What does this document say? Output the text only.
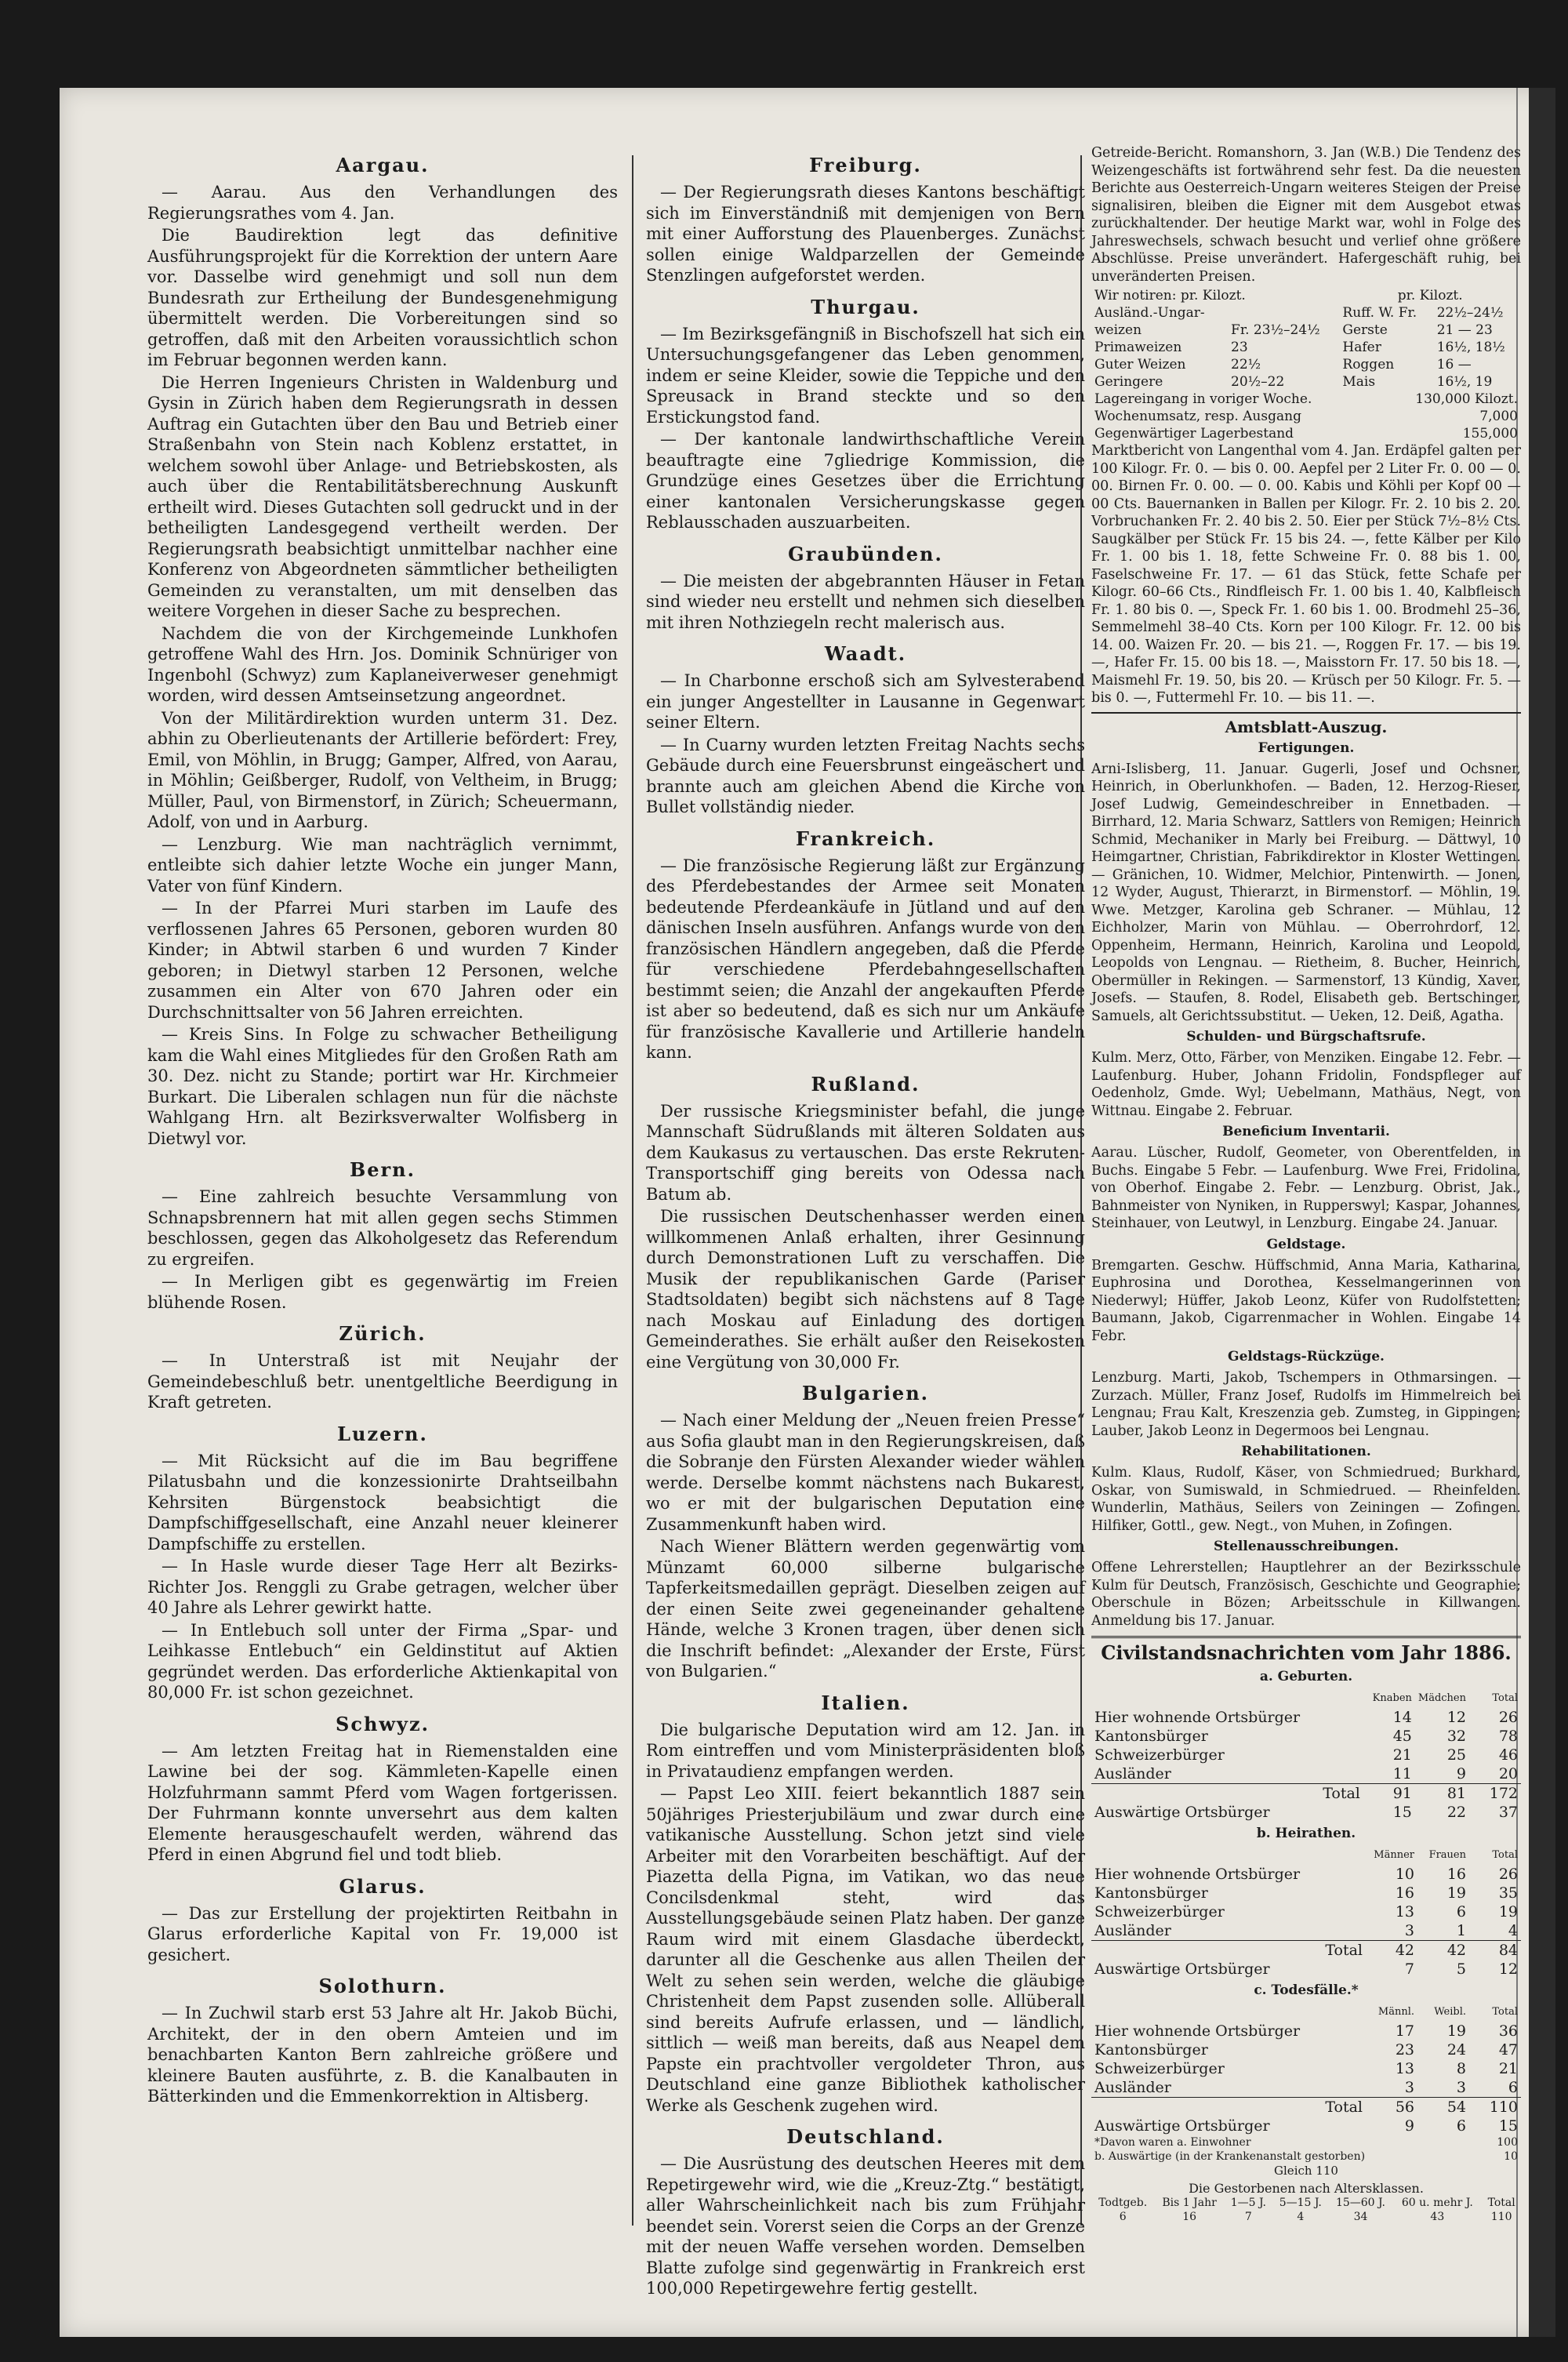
Aargau.

— Aarau. Aus den Verhandlungen des Regierungsrathes vom 4. Jan.

Die Baudirektion legt das definitive Ausführungsprojekt für die Korrektion der untern Aare vor. Dasselbe wird genehmigt und soll nun dem Bundesrath zur Ertheilung der Bundesgenehmigung übermittelt werden. Die Vorbereitungen sind so getroffen, daß mit den Arbeiten voraussichtlich schon im Februar begonnen werden kann.

Die Herren Ingenieurs Christen in Waldenburg und Gysin in Zürich haben dem Regierungsrath in dessen Auftrag ein Gutachten über den Bau und Betrieb einer Straßenbahn von Stein nach Koblenz erstattet, in welchem sowohl über Anlage- und Betriebskosten, als auch über die Rentabilitätsberechnung Auskunft ertheilt wird. Dieses Gutachten soll gedruckt und in der betheiligten Landesgegend vertheilt werden. Der Regierungsrath beabsichtigt unmittelbar nachher eine Konferenz von Abgeordneten sämmtlicher betheiligten Gemeinden zu veranstalten, um mit denselben das weitere Vorgehen in dieser Sache zu besprechen.

Nachdem die von der Kirchgemeinde Lunkhofen getroffene Wahl des Hrn. Jos. Dominik Schnüriger von Ingenbohl (Schwyz) zum Kaplaneiverweser genehmigt worden, wird dessen Amtseinsetzung angeordnet.

Von der Militärdirektion wurden unterm 31. Dez. abhin zu Oberlieutenants der Artillerie befördert: Frey, Emil, von Möhlin, in Brugg; Gamper, Alfred, von Aarau, in Möhlin; Geißberger, Rudolf, von Veltheim, in Brugg; Müller, Paul, von Birmenstorf, in Zürich; Scheuermann, Adolf, von und in Aarburg.

— Lenzburg. Wie man nachträglich vernimmt, entleibte sich dahier letzte Woche ein junger Mann, Vater von fünf Kindern.

— In der Pfarrei Muri starben im Laufe des verflossenen Jahres 65 Personen, geboren wurden 80 Kinder; in Abtwil starben 6 und wurden 7 Kinder geboren; in Dietwyl starben 12 Personen, welche zusammen ein Alter von 670 Jahren oder ein Durchschnittsalter von 56 Jahren erreichten.

— Kreis Sins. In Folge zu schwacher Betheiligung kam die Wahl eines Mitgliedes für den Großen Rath am 30. Dez. nicht zu Stande; portirt war Hr. Kirchmeier Burkart. Die Liberalen schlagen nun für die nächste Wahlgang Hrn. alt Bezirksverwalter Wolfisberg in Dietwyl vor.

Bern.

— Eine zahlreich besuchte Versammlung von Schnapsbrennern hat mit allen gegen sechs Stimmen beschlossen, gegen das Alkoholgesetz das Referendum zu ergreifen.

— In Merligen gibt es gegenwärtig im Freien blühende Rosen.

Zürich.

— In Unterstraß ist mit Neujahr der Gemeindebeschluß betr. unentgeltliche Beerdigung in Kraft getreten.

Luzern.

— Mit Rücksicht auf die im Bau begriffene Pilatusbahn und die konzessionirte Drahtseilbahn Kehrsiten Bürgenstock beabsichtigt die Dampfschiffgesellschaft, eine Anzahl neuer kleinerer Dampfschiffe zu erstellen.

— In Hasle wurde dieser Tage Herr alt Bezirks-Richter Jos. Renggli zu Grabe getragen, welcher über 40 Jahre als Lehrer gewirkt hatte.

— In Entlebuch soll unter der Firma „Spar- und Leihkasse Entlebuch“ ein Geldinstitut auf Aktien gegründet werden. Das erforderliche Aktienkapital von 80,000 Fr. ist schon gezeichnet.

Schwyz.

— Am letzten Freitag hat in Riemenstalden eine Lawine bei der sog. Kämmleten-Kapelle einen Holzfuhrmann sammt Pferd vom Wagen fortgerissen. Der Fuhrmann konnte unversehrt aus dem kalten Elemente herausgeschaufelt werden, während das Pferd in einen Abgrund fiel und todt blieb.

Glarus.

— Das zur Erstellung der projektirten Reitbahn in Glarus erforderliche Kapital von Fr. 19,000 ist gesichert.

Solothurn.

— In Zuchwil starb erst 53 Jahre alt Hr. Jakob Büchi, Architekt, der in den obern Amteien und im benachbarten Kanton Bern zahlreiche größere und kleinere Bauten ausführte, z. B. die Kanalbauten in Bätterkinden und die Emmenkorrektion in Altisberg.

Freiburg.

— Der Regierungsrath dieses Kantons beschäftigt sich im Einverständniß mit demjenigen von Bern mit einer Aufforstung des Plauenberges. Zunächst sollen einige Waldparzellen der Gemeinde Stenzlingen aufgeforstet werden.

Thurgau.

— Im Bezirksgefängniß in Bischofszell hat sich ein Untersuchungsgefangener das Leben genommen, indem er seine Kleider, sowie die Teppiche und den Spreusack in Brand steckte und so den Erstickungstod fand.

— Der kantonale landwirthschaftliche Verein beauftragte eine 7gliedrige Kommission, die Grundzüge eines Gesetzes über die Errichtung einer kantonalen Versicherungskasse gegen Reblausschaden auszuarbeiten.

Graubünden.

— Die meisten der abgebrannten Häuser in Fetan sind wieder neu erstellt und nehmen sich dieselben mit ihren Nothziegeln recht malerisch aus.

Waadt.

— In Charbonne erschoß sich am Sylvesterabend ein junger Angestellter in Lausanne in Gegenwart seiner Eltern.

— In Cuarny wurden letzten Freitag Nachts sechs Gebäude durch eine Feuersbrunst eingeäschert und brannte auch am gleichen Abend die Kirche von Bullet vollständig nieder.

Frankreich.

— Die französische Regierung läßt zur Ergänzung des Pferdebestandes der Armee seit Monaten bedeutende Pferdeankäufe in Jütland und auf den dänischen Inseln ausführen. Anfangs wurde von den französischen Händlern angegeben, daß die Pferde für verschiedene Pferdebahngesellschaften bestimmt seien; die Anzahl der angekauften Pferde ist aber so bedeutend, daß es sich nur um Ankäufe für französische Kavallerie und Artillerie handeln kann.

Rußland.

Der russische Kriegsminister befahl, die junge Mannschaft Südrußlands mit älteren Soldaten aus dem Kaukasus zu vertauschen. Das erste Rekruten-Transportschiff ging bereits von Odessa nach Batum ab.

Die russischen Deutschenhasser werden einen willkommenen Anlaß erhalten, ihrer Gesinnung durch Demonstrationen Luft zu verschaffen. Die Musik der republikanischen Garde (Pariser Stadtsoldaten) begibt sich nächstens auf 8 Tage nach Moskau auf Einladung des dortigen Gemeinderathes. Sie erhält außer den Reisekosten eine Vergütung von 30,000 Fr.

Bulgarien.

— Nach einer Meldung der „Neuen freien Presse“ aus Sofia glaubt man in den Regierungskreisen, daß die Sobranje den Fürsten Alexander wieder wählen werde. Derselbe kommt nächstens nach Bukarest, wo er mit der bulgarischen Deputation eine Zusammenkunft haben wird.

Nach Wiener Blättern werden gegenwärtig vom Münzamt 60,000 silberne bulgarische Tapferkeitsmedaillen geprägt. Dieselben zeigen auf der einen Seite zwei gegeneinander gehaltene Hände, welche 3 Kronen tragen, über denen sich die Inschrift befindet: „Alexander der Erste, Fürst von Bulgarien.“

Italien.

Die bulgarische Deputation wird am 12. Jan. in Rom eintreffen und vom Ministerpräsidenten bloß in Privataudienz empfangen werden.

— Papst Leo XIII. feiert bekanntlich 1887 sein 50jähriges Priesterjubiläum und zwar durch eine vatikanische Ausstellung. Schon jetzt sind viele Arbeiter mit den Vorarbeiten beschäftigt. Auf der Piazetta della Pigna, im Vatikan, wo das neue Concilsdenkmal steht, wird das Ausstellungsgebäude seinen Platz haben. Der ganze Raum wird mit einem Glasdache überdeckt, darunter all die Geschenke aus allen Theilen der Welt zu sehen sein werden, welche die gläubige Christenheit dem Papst zusenden solle. Allüberall sind bereits Aufrufe erlassen, und — ländlich, sittlich — weiß man bereits, daß aus Neapel dem Papste ein prachtvoller vergoldeter Thron, aus Deutschland eine ganze Bibliothek katholischer Werke als Geschenk zugehen wird.

Deutschland.

— Die Ausrüstung des deutschen Heeres mit dem Repetirgewehr wird, wie die „Kreuz-Ztg.“ bestätigt, aller Wahrscheinlichkeit nach bis zum Frühjahr beendet sein. Vorerst seien die Corps an der Grenze mit der neuen Waffe versehen worden. Demselben Blatte zufolge sind gegenwärtig in Frankreich erst 100,000 Repetirgewehre fertig gestellt.

Getreide-Bericht. Romanshorn, 3. Jan (W.B.) Die Tendenz des Weizengeschäfts ist fortwährend sehr fest. Da die neuesten Berichte aus Oesterreich-Ungarn weiteres Steigen der Preise signalisiren, bleiben die Eigner mit dem Ausgebot etwas zurückhaltender. Der heutige Markt war, wohl in Folge des Jahreswechsels, schwach besucht und verlief ohne größere Abschlüsse. Preise unverändert. Hafergeschäft ruhig, bei unveränderten Preisen.

Wir notiren: pr. Kilozt.		pr. Kilozt.	
Ausländ.-Ungar-		Ruff. W. Fr.	22½–24½
weizen	Fr. 23½–24½	Gerste	21 — 23
Primaweizen	23	Hafer	16½, 18½
Guter Weizen	22½	Roggen	16 —
Geringere	20½–22	Mais	16½, 19
Lagereingang in voriger Woche.	130,000 Kilozt.
Wochenumsatz, resp. Ausgang	7,000
Gegenwärtiger Lagerbestand	155,000

Marktbericht von Langenthal vom 4. Jan. Erdäpfel galten per 100 Kilogr. Fr. 0. — bis 0. 00. Aepfel per 2 Liter Fr. 0. 00 — 0. 00. Birnen Fr. 0. 00. — 0. 00. Kabis und Köhli per Kopf 00 — 00 Cts. Bauernanken in Ballen per Kilogr. Fr. 2. 10 bis 2. 20. Vorbruchanken Fr. 2. 40 bis 2. 50. Eier per Stück 7½–8½ Cts. Saugkälber per Stück Fr. 15 bis 24. —, fette Kälber per Kilo Fr. 1. 00 bis 1. 18, fette Schweine Fr. 0. 88 bis 1. 00, Faselschweine Fr. 17. — 61 das Stück, fette Schafe per Kilogr. 60–66 Cts., Rindfleisch Fr. 1. 00 bis 1. 40, Kalbfleisch Fr. 1. 80 bis 0. —, Speck Fr. 1. 60 bis 1. 00. Brodmehl 25–36, Semmelmehl 38–40 Cts. Korn per 100 Kilogr. Fr. 12. 00 bis 14. 00. Waizen Fr. 20. — bis 21. —, Roggen Fr. 17. — bis 19. —, Hafer Fr. 15. 00 bis 18. —, Maisstorn Fr. 17. 50 bis 18. —, Maismehl Fr. 19. 50, bis 20. — Krüsch per 50 Kilogr. Fr. 5. — bis 0. —, Futtermehl Fr. 10. — bis 11. —.

Amtsblatt-Auszug.
Fertigungen.

Arni-Islisberg, 11. Januar. Gugerli, Josef und Ochsner, Heinrich, in Oberlunkhofen. — Baden, 12. Herzog-Rieser, Josef Ludwig, Gemeindeschreiber in Ennetbaden. — Birrhard, 12. Maria Schwarz, Sattlers von Remigen; Heinrich Schmid, Mechaniker in Marly bei Freiburg. — Dättwyl, 10 Heimgartner, Christian, Fabrikdirektor in Kloster Wettingen. — Gränichen, 10. Widmer, Melchior, Pintenwirth. — Jonen, 12 Wyder, August, Thierarzt, in Birmenstorf. — Möhlin, 19. Wwe. Metzger, Karolina geb Schraner. — Mühlau, 12 Eichholzer, Marin von Mühlau. — Oberrohrdorf, 12. Oppenheim, Hermann, Heinrich, Karolina und Leopold, Leopolds von Lengnau. — Rietheim, 8. Bucher, Heinrich, Obermüller in Rekingen. — Sarmenstorf, 13 Kündig, Xaver, Josefs. — Staufen, 8. Rodel, Elisabeth geb. Bertschinger, Samuels, alt Gerichtssubstitut. — Ueken, 12. Deiß, Agatha.

Schulden- und Bürgschaftsrufe.

Kulm. Merz, Otto, Färber, von Menziken. Eingabe 12. Febr. — Laufenburg. Huber, Johann Fridolin, Fondspfleger auf Oedenholz, Gmde. Wyl; Uebelmann, Mathäus, Negt, von Wittnau. Eingabe 2. Februar.

Beneficium Inventarii.

Aarau. Lüscher, Rudolf, Geometer, von Oberentfelden, in Buchs. Eingabe 5 Febr. — Laufenburg. Wwe Frei, Fridolina, von Oberhof. Eingabe 2. Febr. — Lenzburg. Obrist, Jak., Bahnmeister von Nyniken, in Rupperswyl; Kaspar, Johannes, Steinhauer, von Leutwyl, in Lenzburg. Eingabe 24. Januar.

Geldstage.

Bremgarten. Geschw. Hüffschmid, Anna Maria, Katharina, Euphrosina und Dorothea, Kesselmangerinnen von Niederwyl; Hüffer, Jakob Leonz, Küfer von Rudolfstetten; Baumann, Jakob, Cigarrenmacher in Wohlen. Eingabe 14 Febr.

Geldstags-Rückzüge.

Lenzburg. Marti, Jakob, Tschempers in Othmarsingen. — Zurzach. Müller, Franz Josef, Rudolfs im Himmelreich bei Lengnau; Frau Kalt, Kreszenzia geb. Zumsteg, in Gippingen; Lauber, Jakob Leonz in Degermoos bei Lengnau.

Rehabilitationen.

Kulm. Klaus, Rudolf, Käser, von Schmiedrued; Burkhard, Oskar, von Sumiswald, in Schmiedrued. — Rheinfelden. Wunderlin, Mathäus, Seilers von Zeiningen — Zofingen. Hilfiker, Gottl., gew. Negt., von Muhen, in Zofingen.

Stellenausschreibungen.

Offene Lehrerstellen; Hauptlehrer an der Bezirksschule Kulm für Deutsch, Französisch, Geschichte und Geographie; Oberschule in Bözen; Arbeitsschule in Killwangen. Anmeldung bis 17. Januar.

Civilstandsnachrichten vom Jahr 1886.
a. Geburten.
	Knaben	Mädchen	Total
Hier wohnende Ortsbürger	14	12	26
Kantonsbürger	45	32	78
Schweizerbürger	21	25	46
Ausländer	11	9	20
Total	91	81	172
Auswärtige Ortsbürger	15	22	37
b. Heirathen.
	Männer	Frauen	Total
Hier wohnende Ortsbürger	10	16	26
Kantonsbürger	16	19	35
Schweizerbürger	13	6	19
Ausländer	3	1	4
Total	42	42	84
Auswärtige Ortsbürger	7	5	12
c. Todesfälle.*
	Männl.	Weibl.	Total
Hier wohnende Ortsbürger	17	19	36
Kantonsbürger	23	24	47
Schweizerbürger	13	8	21
Ausländer	3	3	6
Total	56	54	110
Auswärtige Ortsbürger	9	6	15
*Davon waren a. Einwohner	100
b. Auswärtige (in der Krankenanstalt gestorben)	10
Gleich 110
Die Gestorbenen nach Altersklassen.
Todtgeb.	Bis 1 Jahr	1—5 J.	5—15 J.	15—60 J.	60 u. mehr J.	Total
6	16	7	4	34	43	110
